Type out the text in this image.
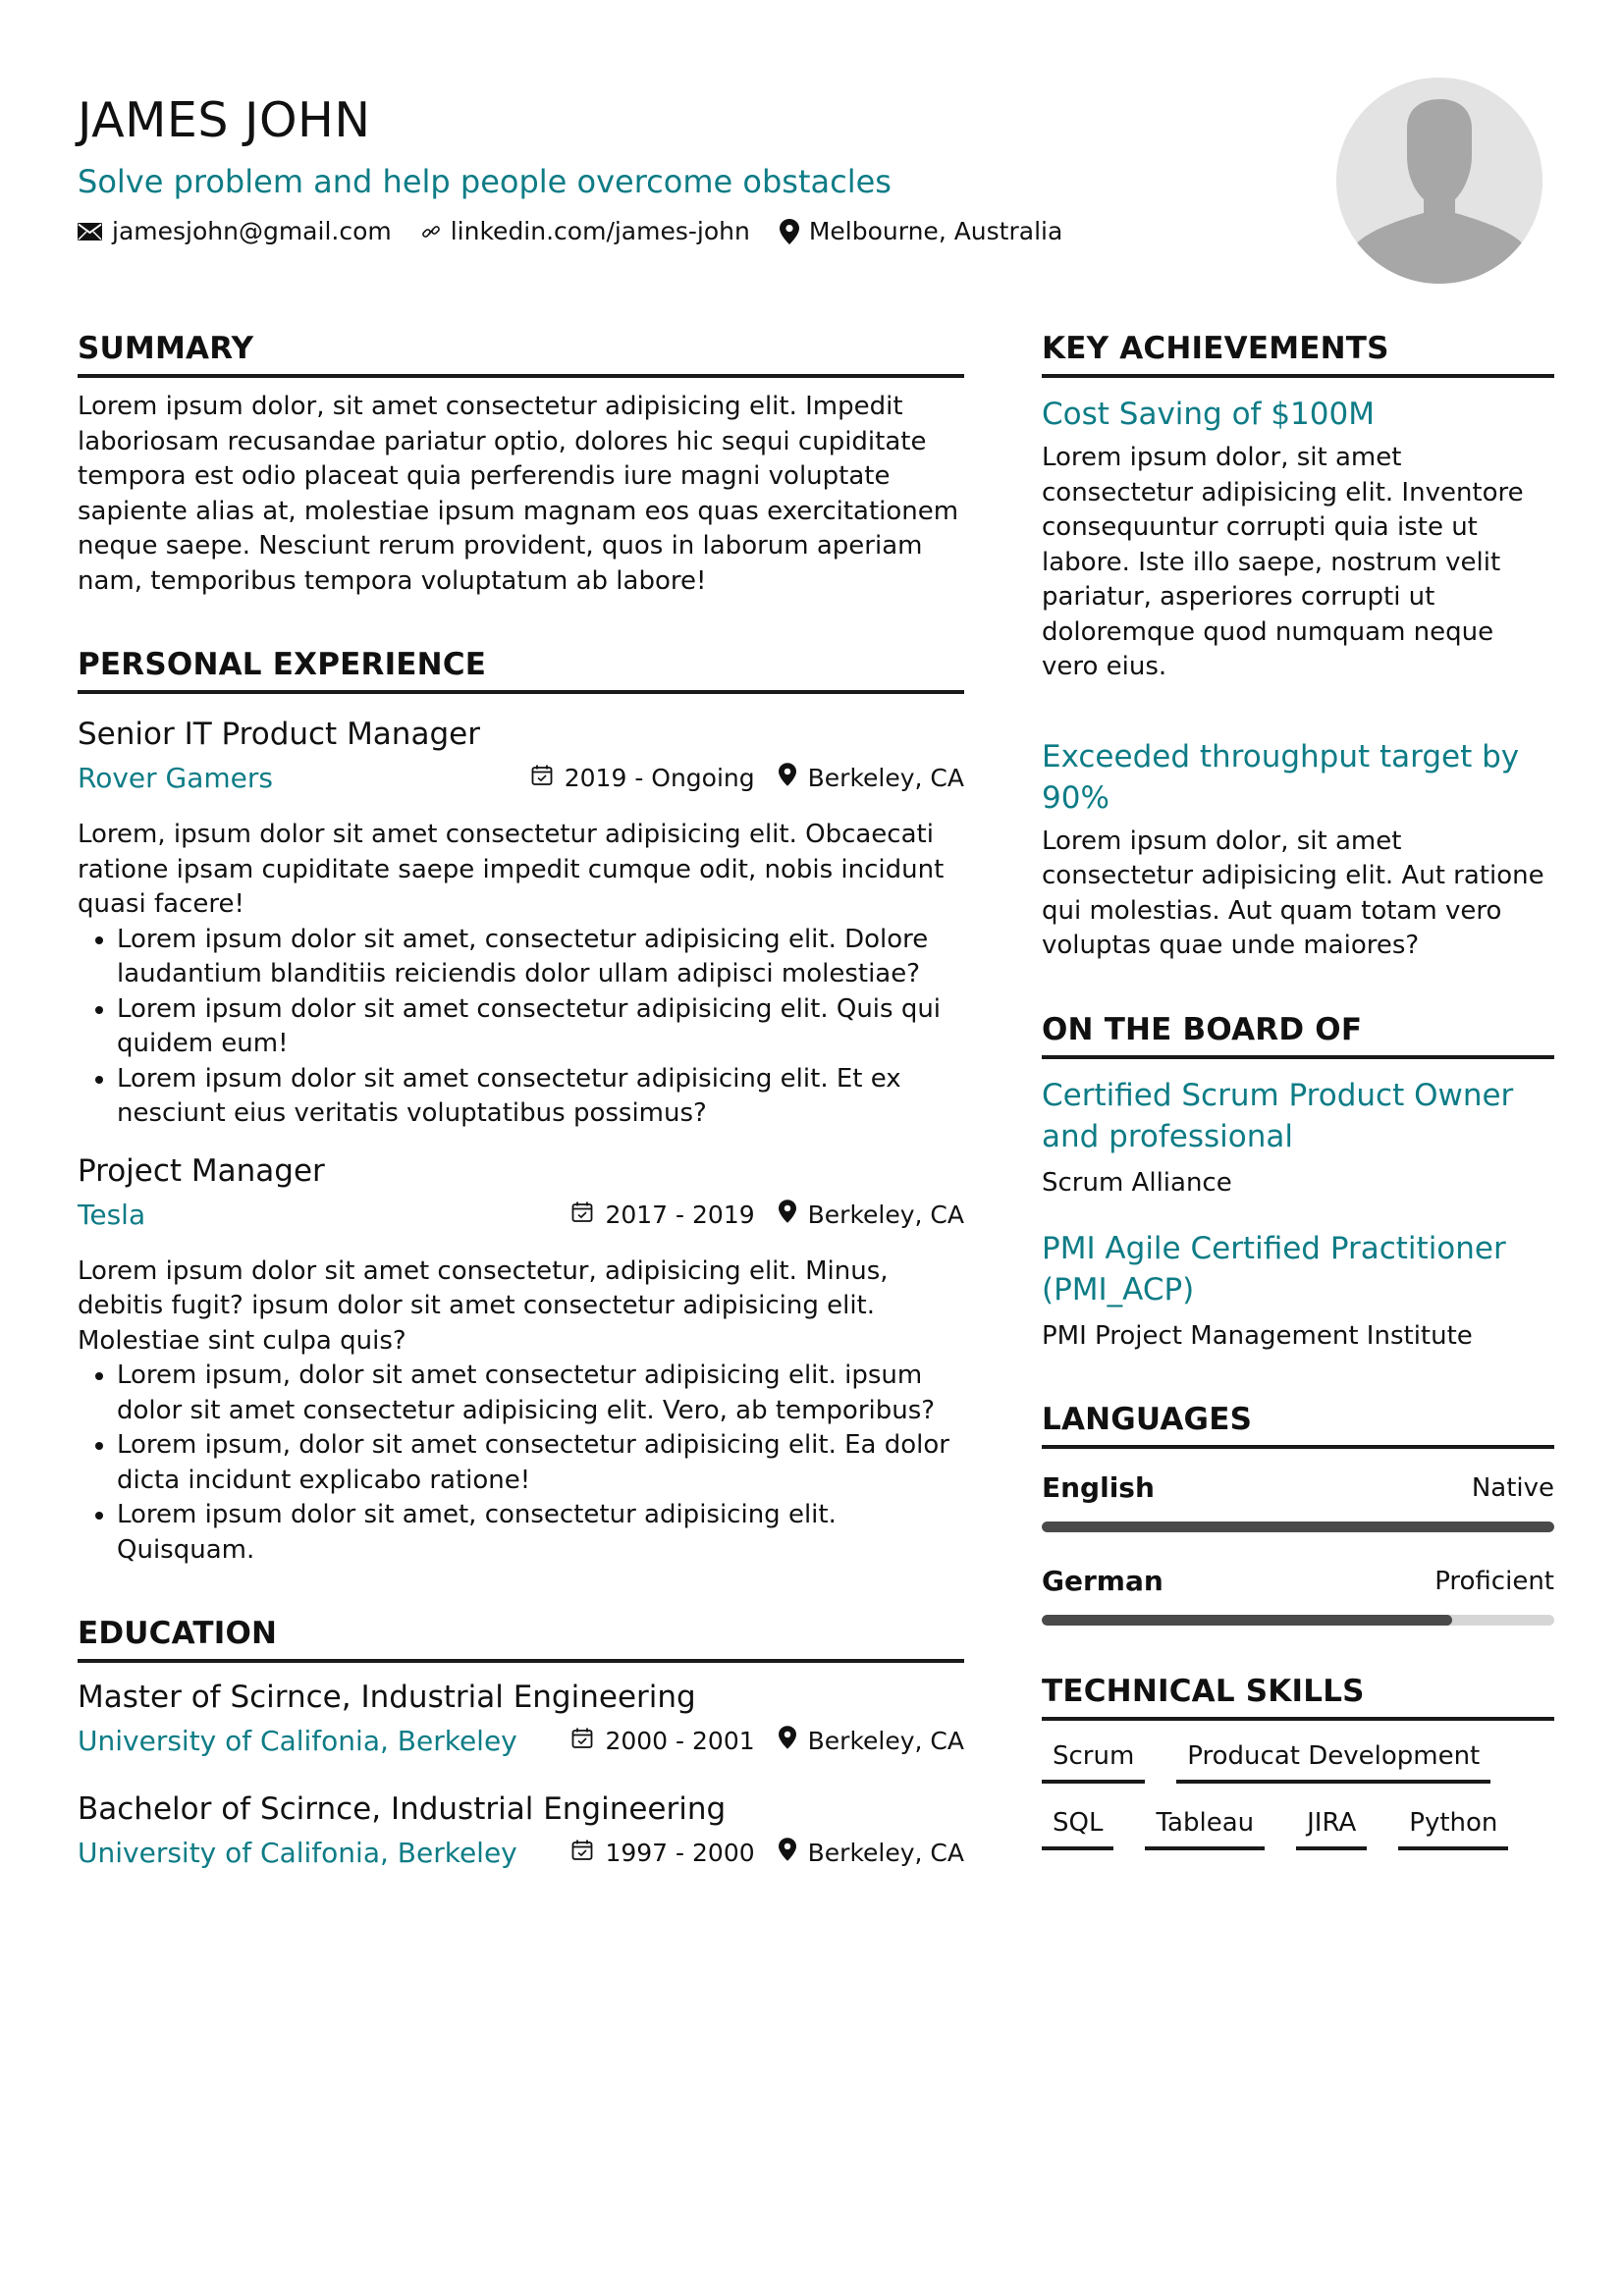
JAMES JOHN

Solve problem and help people overcome obstacles

jamesjohn@gmail.com linkedin.com/james-john Melbourne, Australia
SUMMARY

Lorem ipsum dolor, sit amet consectetur adipisicing elit. Impedit laboriosam recusandae pariatur optio, dolores hic sequi cupiditate tempora est odio placeat quia perferendis iure magni voluptate sapiente alias at, molestiae ipsum magnam eos quas exercitationem neque saepe. Nesciunt rerum provident, quos in laborum aperiam nam, temporibus tempora voluptatum ab labore!

PERSONAL EXPERIENCE

Senior IT Product Manager

Rover Gamers	2019 - Ongoing Berkeley, CA

Lorem, ipsum dolor sit amet consectetur adipisicing elit. Obcaecati ratione ipsam cupiditate saepe impedit cumque odit, nobis incidunt quasi facere!

• Lorem ipsum dolor sit amet, consectetur adipisicing elit. Dolore laudantium blanditiis reiciendis dolor ullam adipisci molestiae?
• Lorem ipsum dolor sit amet consectetur adipisicing elit. Quis qui quidem eum!
• Lorem ipsum dolor sit amet consectetur adipisicing elit. Et ex nesciunt eius veritatis voluptatibus possimus?

Project Manager

Tesla	2017 - 2019 Berkeley, CA

Lorem ipsum dolor sit amet consectetur, adipisicing elit. Minus, debitis fugit? ipsum dolor sit amet consectetur adipisicing elit. Molestiae sint culpa quis?

• Lorem ipsum, dolor sit amet consectetur adipisicing elit. ipsum dolor sit amet consectetur adipisicing elit. Vero, ab temporibus?
• Lorem ipsum, dolor sit amet consectetur adipisicing elit. Ea dolor dicta incidunt explicabo ratione!
• Lorem ipsum dolor sit amet, consectetur adipisicing elit. Quisquam.
EDUCATION

Master of Scirnce, Industrial Engineering

University of Califonia, Berkeley	2000 - 2001 Berkeley, CA

Bachelor of Scirnce, Industrial Engineering

University of Califonia, Berkeley	1997 - 2000 Berkeley, CA
KEY ACHIEVEMENTS

Cost Saving of $100M

Lorem ipsum dolor, sit amet consectetur adipisicing elit. Inventore consequuntur corrupti quia iste ut labore. Iste illo saepe, nostrum velit pariatur, asperiores corrupti ut doloremque quod numquam neque vero eius.

Exceeded throughput target by 90%

Lorem ipsum dolor, sit amet consectetur adipisicing elit. Aut ratione qui molestias. Aut quam totam vero voluptas quae unde maiores?

ON THE BOARD OF

Certified Scrum Product Owner and professional

Scrum Alliance

PMI Agile Certified Practitioner (PMI_ACP)

PMI Project Management Institute

LANGUAGES
English	Native
German	Proficient
TECHNICAL SKILLS
Scrum	Producat Development
SQL	Tableau	JIRA	Python
